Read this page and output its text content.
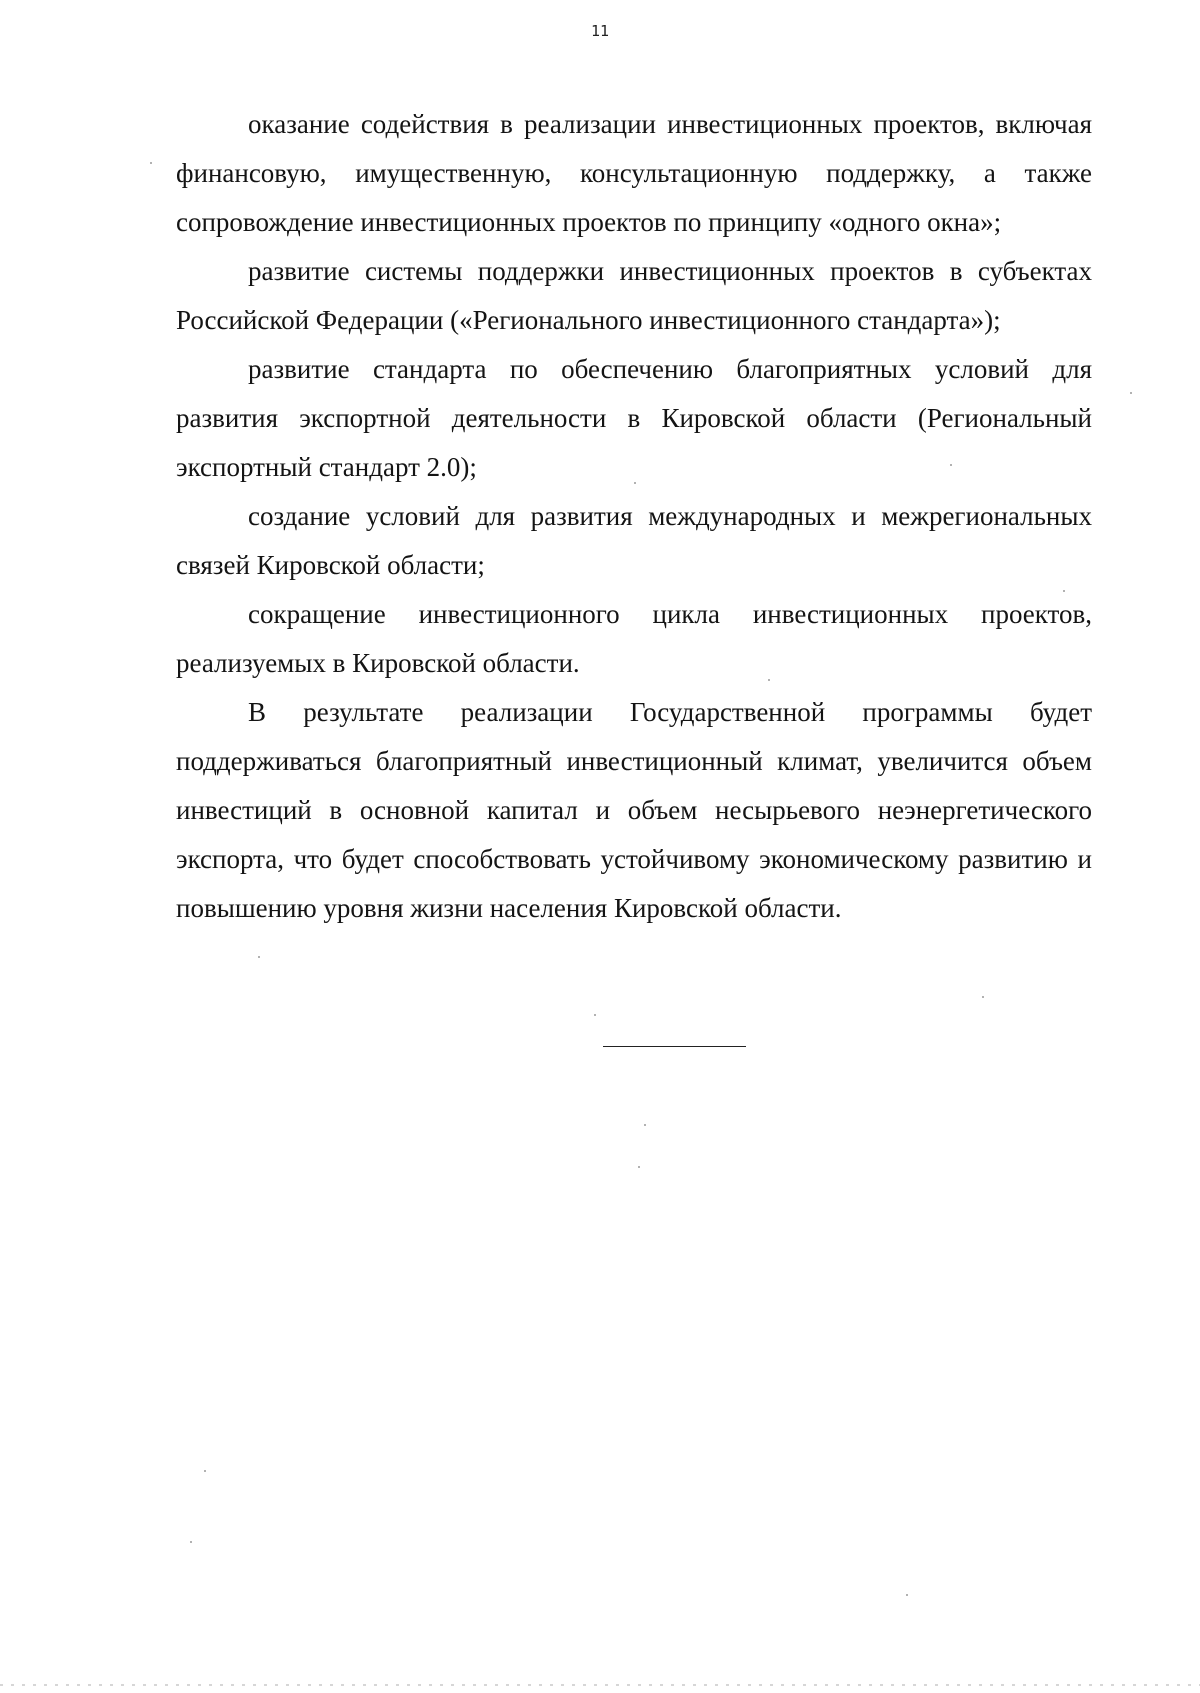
11

оказание содействия в реализации инвестиционных проектов, включая финансовую, имущественную, консультационную поддержку, а также сопровождение инвестиционных проектов по принципу «одного окна»;

развитие системы поддержки инвестиционных проектов в субъектах Российской Федерации («Регионального инвестиционного стандарта»);

развитие стандарта по обеспечению благоприятных условий для развития экспортной деятельности в Кировской области (Региональный экспортный стандарт 2.0);

создание условий для развития международных и межрегиональных связей Кировской области;

сокращение инвестиционного цикла инвестиционных проектов, реализуемых в Кировской области.

В результате реализации Государственной программы будет поддерживаться благоприятный инвестиционный климат, увеличится объем инвестиций в основной капитал и объем несырьевого неэнергетического экспорта, что будет способствовать устойчивому экономическому развитию и повышению уровня жизни населения Кировской области.
